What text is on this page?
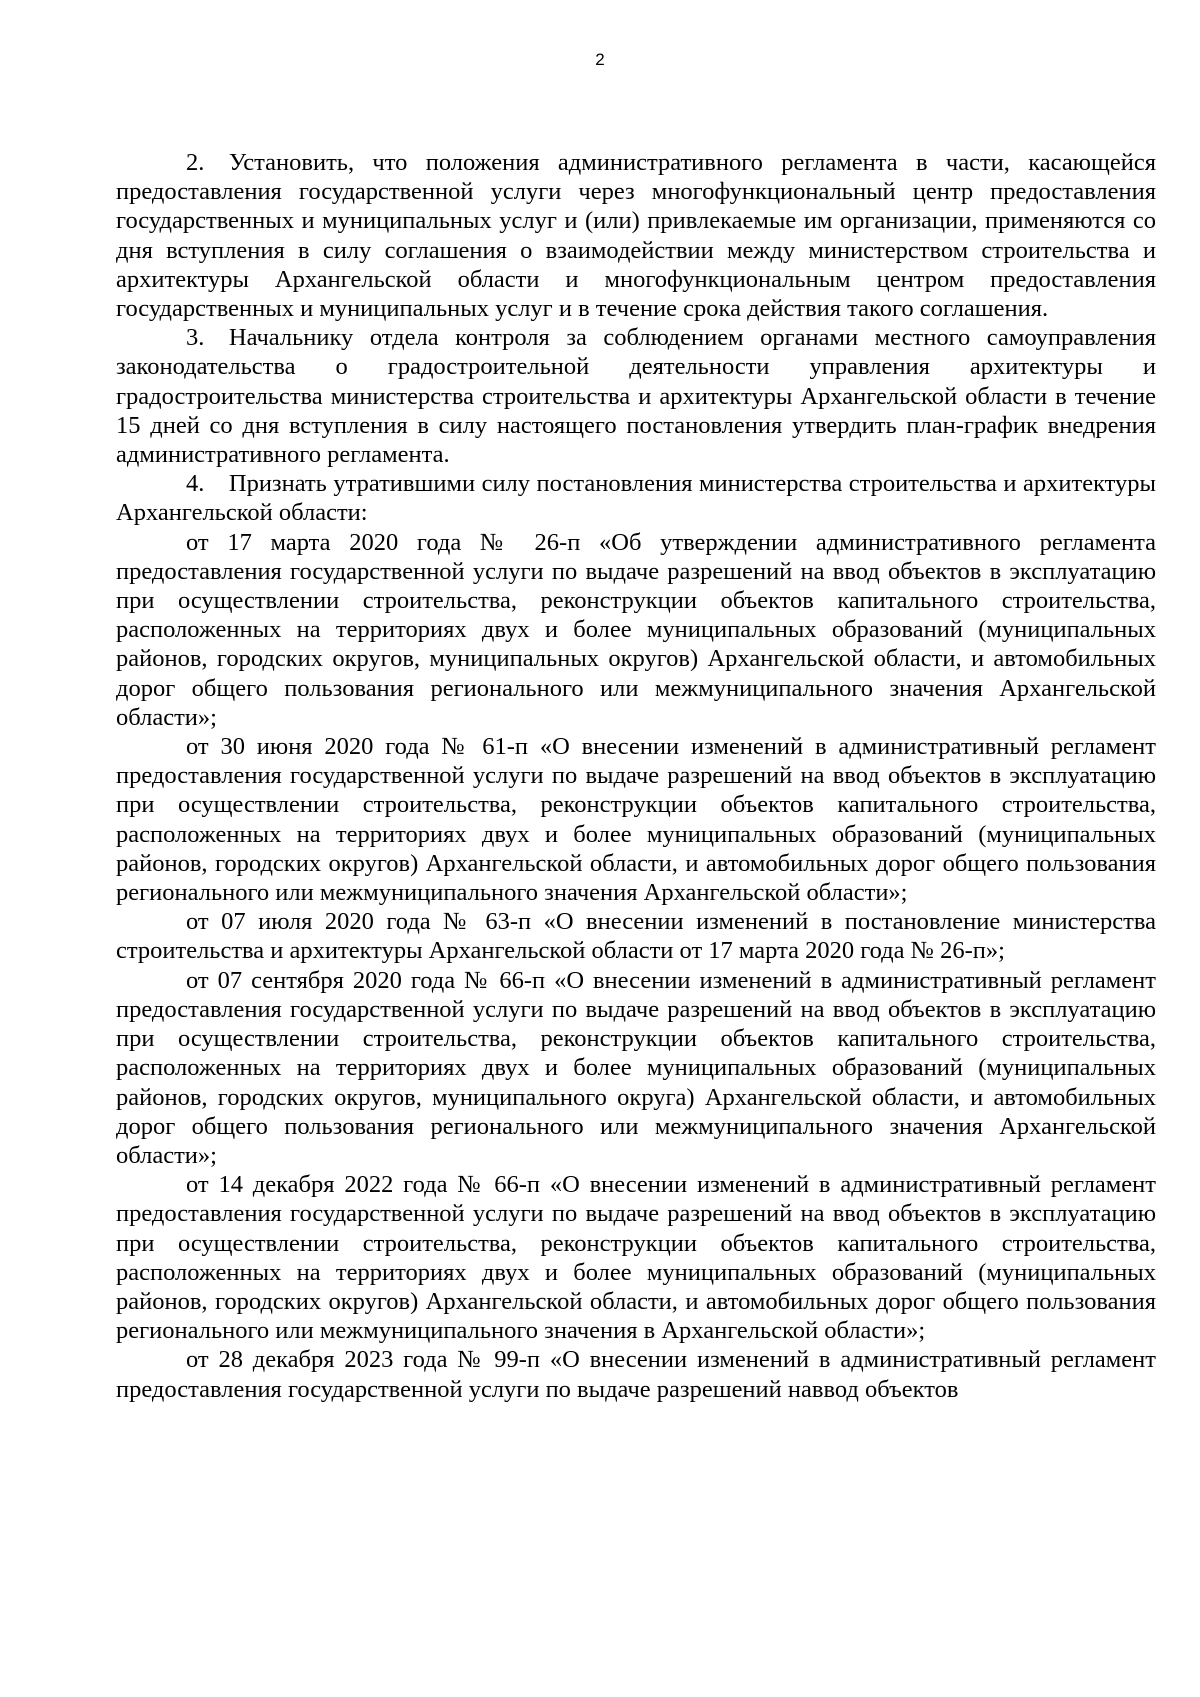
2

2. Установить, что положения административного регламента в части, касающейся предоставления государственной услуги через многофункциональный центр предоставления государственных и муниципальных услуг и (или) привлекаемые им организации, применяются со дня вступления в силу соглашения о взаимодействии между министерством строительства и архитектуры Архангельской области и многофункциональным центром предоставления государственных и муниципальных услуг и в течение срока действия такого соглашения.

3. Начальнику отдела контроля за соблюдением органами местного самоуправления законодательства о градостроительной деятельности управления архитектуры и градостроительства министерства строительства и архитектуры Архангельской области в течение 15 дней со дня вступления в силу настоящего постановления утвердить план-график внедрения административного регламента.

4. Признать утратившими силу постановления министерства строительства и архитектуры Архангельской области:

от 17 марта 2020 года № 26-п «Об утверждении административного регламента предоставления государственной услуги по выдаче разрешений на ввод объектов в эксплуатацию при осуществлении строительства, реконструкции объектов капитального строительства, расположенных на территориях двух и более муниципальных образований (муниципальных районов, городских округов, муниципальных округов) Архангельской области, и автомобильных дорог общего пользования регионального или межмуниципального значения Архангельской области»;

от 30 июня 2020 года № 61-п «О внесении изменений в административный регламент предоставления государственной услуги по выдаче разрешений на ввод объектов в эксплуатацию при осуществлении строительства, реконструкции объектов капитального строительства, расположенных на территориях двух и более муниципальных образований (муниципальных районов, городских округов) Архангельской области, и автомобильных дорог общего пользования регионального или межмуниципального значения Архангельской области»;

от 07 июля 2020 года № 63-п «О внесении изменений в постановление министерства строительства и архитектуры Архангельской области от 17 марта 2020 года № 26-п»;

от 07 сентября 2020 года № 66-п «О внесении изменений в административный регламент предоставления государственной услуги по выдаче разрешений на ввод объектов в эксплуатацию при осуществлении строительства, реконструкции объектов капитального строительства, расположенных на территориях двух и более муниципальных образований (муниципальных районов, городских округов, муниципального округа) Архангельской области, и автомобильных дорог общего пользования регионального или межмуниципального значения Архангельской области»;

от 14 декабря 2022 года № 66-п «О внесении изменений в административный регламент предоставления государственной услуги по выдаче разрешений на ввод объектов в эксплуатацию при осуществлении строительства, реконструкции объектов капитального строительства, расположенных на территориях двух и более муниципальных образований (муниципальных районов, городских округов) Архангельской области, и автомобильных дорог общего пользования регионального или межмуниципального значения в Архангельской области»;

от 28 декабря 2023 года № 99-п «О внесении изменений в административный регламент предоставления государственной услуги по выдаче разрешений наввод объектов
